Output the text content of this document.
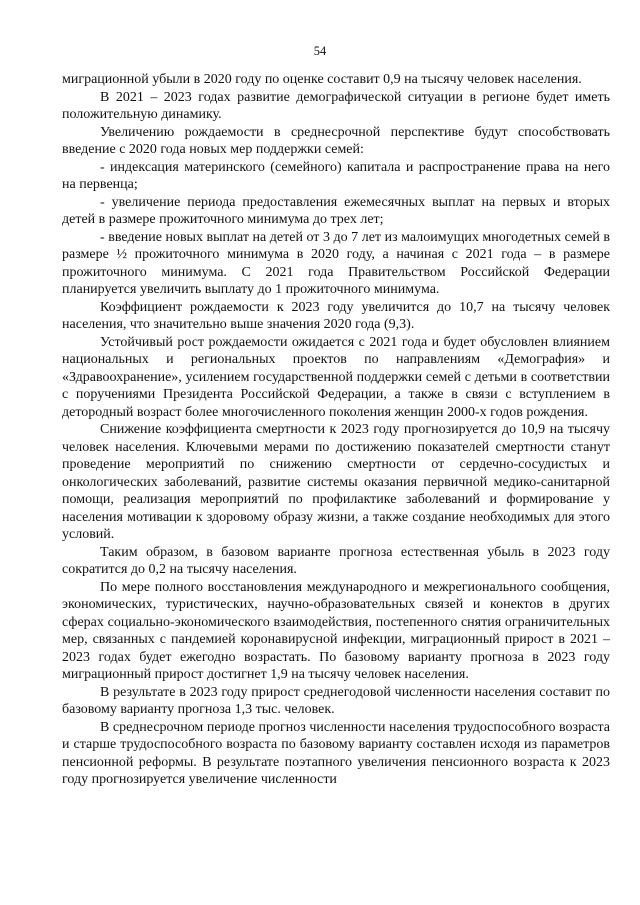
54

миграционной убыли в 2020 году по оценке составит 0,9 на тысячу человек населения.

В 2021 – 2023 годах развитие демографической ситуации в регионе будет иметь положительную динамику.

Увеличению рождаемости в среднесрочной перспективе будут способствовать введение с 2020 года новых мер поддержки семей:

- индексация материнского (семейного) капитала и распространение права на него на первенца;

- увеличение периода предоставления ежемесячных выплат на первых и вторых детей в размере прожиточного минимума до трех лет;

- введение новых выплат на детей от 3 до 7 лет из малоимущих многодетных семей в размере ½ прожиточного минимума в 2020 году, а начиная с 2021 года – в размере прожиточного минимума. С 2021 года Правительством Российской Федерации планируется увеличить выплату до 1 прожиточного минимума.

Коэффициент рождаемости к 2023 году увеличится до 10,7 на тысячу человек населения, что значительно выше значения 2020 года (9,3).

Устойчивый рост рождаемости ожидается с 2021 года и будет обусловлен влиянием национальных и региональных проектов по направлениям «Демография» и «Здравоохранение», усилением государственной поддержки семей с детьми в соответствии с поручениями Президента Российской Федерации, а также в связи с вступлением в детородный возраст более многочисленного поколения женщин 2000-х годов рождения.

Снижение коэффициента смертности к 2023 году прогнозируется до 10,9 на тысячу человек населения. Ключевыми мерами по достижению показателей смертности станут проведение мероприятий по снижению смертности от сердечно-сосудистых и онкологических заболеваний, развитие системы оказания первичной медико-санитарной помощи, реализация мероприятий по профилактике заболеваний и формирование у населения мотивации к здоровому образу жизни, а также создание необходимых для этого условий.

Таким образом, в базовом варианте прогноза естественная убыль в 2023 году сократится до 0,2 на тысячу населения.

По мере полного восстановления международного и межрегионального сообщения, экономических, туристических, научно-образовательных связей и конектов в других сферах социально-экономического взаимодействия, постепенного снятия ограничительных мер, связанных с пандемией коронавирусной инфекции, миграционный прирост в 2021 – 2023 годах будет ежегодно возрастать. По базовому варианту прогноза в 2023 году миграционный прирост достигнет 1,9 на тысячу человек населения.

В результате в 2023 году прирост среднегодовой численности населения составит по базовому варианту прогноза 1,3 тыс. человек.

В среднесрочном периоде прогноз численности населения трудоспособного возраста и старше трудоспособного возраста по базовому варианту составлен исходя из параметров пенсионной реформы. В результате поэтапного увеличения пенсионного возраста к 2023 году прогнозируется увеличение численности
